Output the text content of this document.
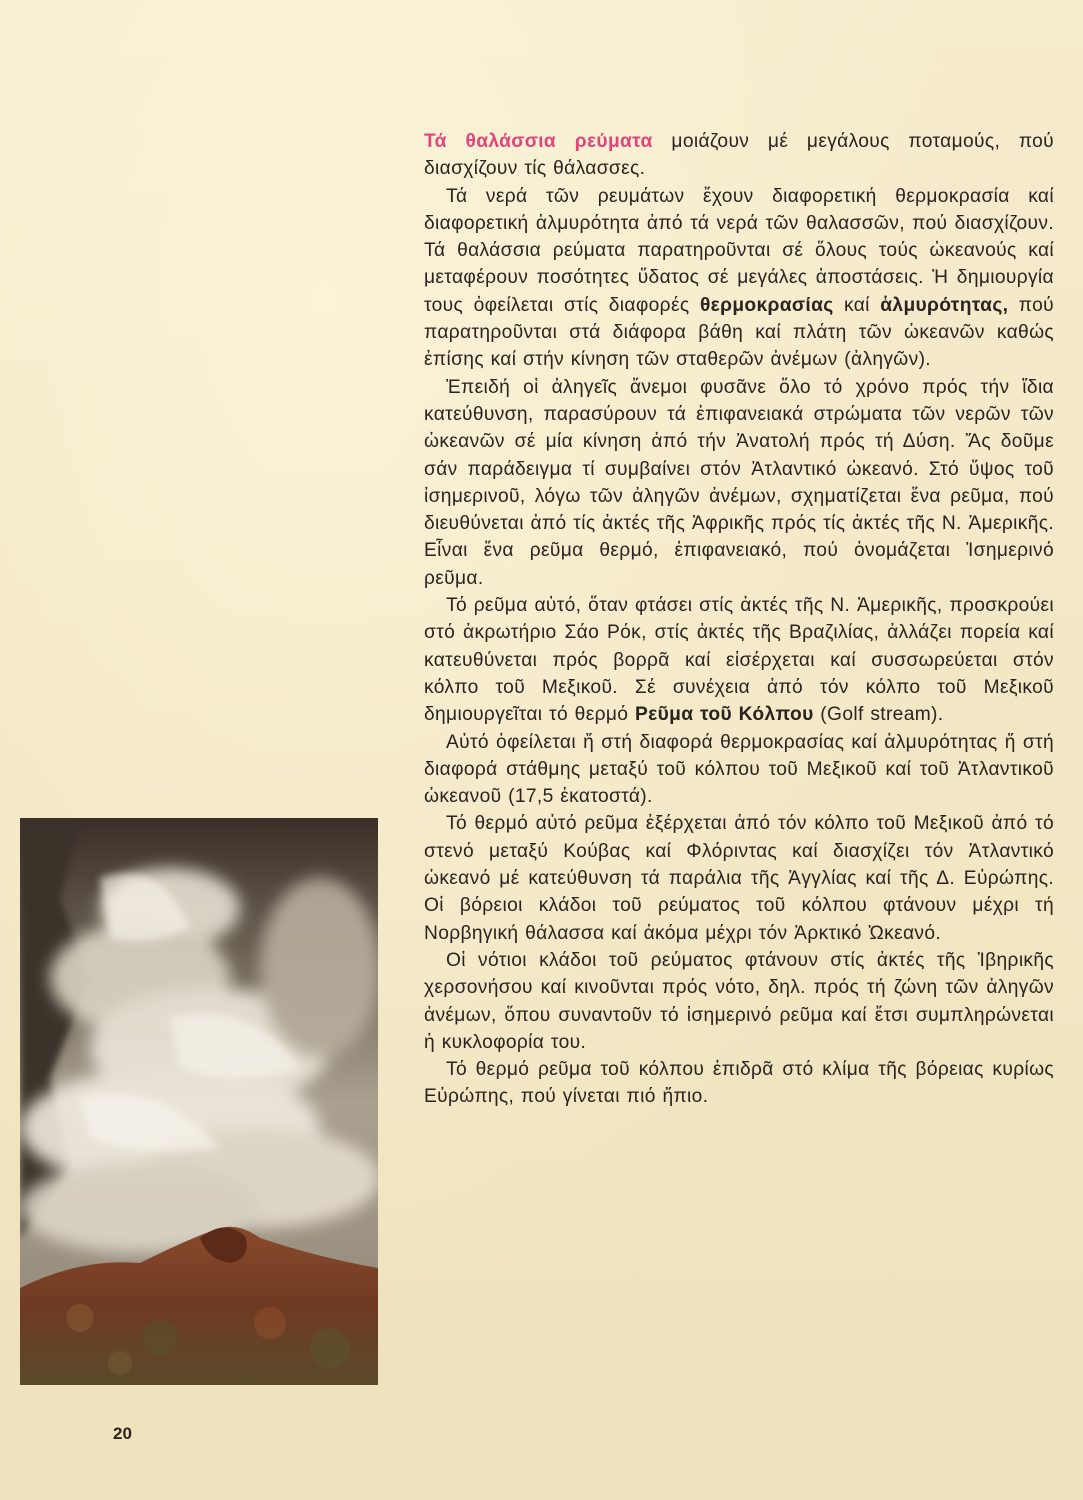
Τά θαλάσσια ρεύματα μοιάζουν μέ μεγάλους ποταμούς, πού διασχίζουν τίς θάλασσες.

Τά νερά τῶν ρευμάτων ἔχουν διαφορετική θερμοκρασία καί διαφορετική ἁλμυρότητα ἀπό τά νερά τῶν θαλασσῶν, πού διασχίζουν. Τά θαλάσσια ρεύματα παρατηροῦνται σέ ὅλους τούς ὠκεανούς καί μεταφέρουν ποσότητες ὕδατος σέ μεγάλες ἀποστάσεις. Ἡ δημιουργία τους ὀφείλεται στίς διαφορές θερμοκρασίας καί ἁλμυρότητας, πού παρατηροῦνται στά διάφορα βάθη καί πλάτη τῶν ὠκεανῶν καθώς ἐπίσης καί στήν κίνηση τῶν σταθερῶν ἀνέμων (ἀληγῶν).

Ἐπειδή οἱ ἀληγεῖς ἄνεμοι φυσᾶνε ὅλο τό χρόνο πρός τήν ἴδια κατεύθυνση, παρασύρουν τά ἐπιφανειακά στρώματα τῶν νερῶν τῶν ὠκεανῶν σέ μία κίνηση ἀπό τήν Ἀνατολή πρός τή Δύση. Ἄς δοῦμε σάν παράδειγμα τί συμβαίνει στόν Ἀτλαντικό ὠκεανό. Στό ὕψος τοῦ ἰσημερινοῦ, λόγω τῶν ἀληγῶν ἀνέμων, σχηματίζεται ἕνα ρεῦμα, πού διευθύνεται ἀπό τίς ἀκτές τῆς Ἀφρικῆς πρός τίς ἀκτές τῆς Ν. Ἀμερικῆς. Εἶναι ἕνα ρεῦμα θερμό, ἐπιφανειακό, πού ὀνομάζεται Ἰσημερινό ρεῦμα.

Τό ρεῦμα αὐτό, ὅταν φτάσει στίς ἀκτές τῆς Ν. Ἀμερικῆς, προσκρούει στό ἀκρωτήριο Σάο Ρόκ, στίς ἀκτές τῆς Βραζιλίας, ἀλλάζει πορεία καί κατευθύνεται πρός βορρᾶ καί εἰσέρχεται καί συσσωρεύεται στόν κόλπο τοῦ Μεξικοῦ. Σέ συνέχεια ἀπό τόν κόλπο τοῦ Μεξικοῦ δημιουργεῖται τό θερμό Ρεῦμα τοῦ Κόλπου (Golf stream).

Αὐτό ὀφείλεται ἤ στή διαφορά θερμοκρασίας καί ἁλμυρότητας ἤ στή διαφορά στάθμης μεταξύ τοῦ κόλπου τοῦ Μεξικοῦ καί τοῦ Ἀτλαντικοῦ ὠκεανοῦ (17,5 ἑκατοστά).

Τό θερμό αὐτό ρεῦμα ἐξέρχεται ἀπό τόν κόλπο τοῦ Μεξικοῦ ἀπό τό στενό μεταξύ Κούβας καί Φλόριντας καί διασχίζει τόν Ἀτλαντικό ὠκεανό μέ κατεύθυνση τά παράλια τῆς Ἀγγλίας καί τῆς Δ. Εὐρώπης. Οἱ βόρειοι κλάδοι τοῦ ρεύματος τοῦ κόλπου φτάνουν μέχρι τή Νορβηγική θάλασσα καί ἀκόμα μέχρι τόν Ἀρκτικό Ὠκεανό.

Οἱ νότιοι κλάδοι τοῦ ρεύματος φτάνουν στίς ἀκτές τῆς Ἰβηρικῆς χερσονήσου καί κινοῦνται πρός νότο, δηλ. πρός τή ζώνη τῶν ἀληγῶν ἀνέμων, ὅπου συναντοῦν τό ἰσημερινό ρεῦμα καί ἔτσι συμπληρώνεται ἡ κυκλοφορία του.

Τό θερμό ρεῦμα τοῦ κόλπου ἐπιδρᾶ στό κλίμα τῆς βόρειας κυρίως Εὐρώπης, πού γίνεται πιό ἤπιο.

20
